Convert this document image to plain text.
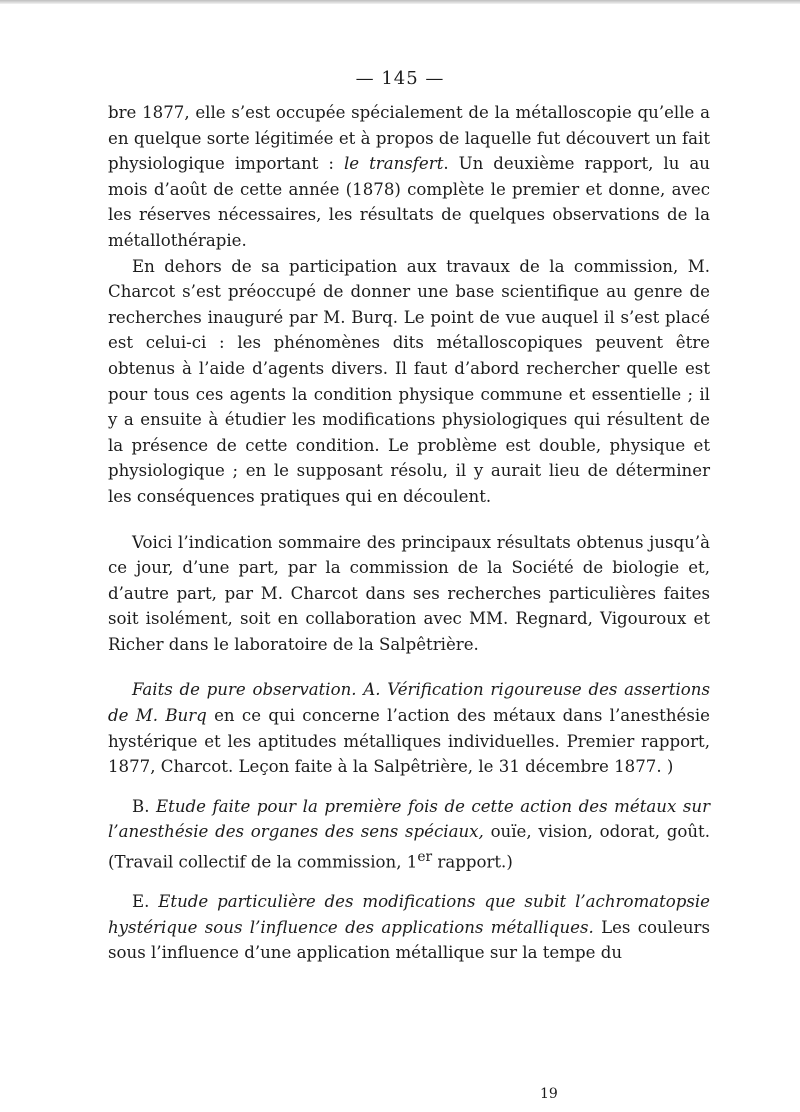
— 145 —

bre 1877, elle s’est occupée spécialement de la métalloscopie qu’elle a en quelque sorte légitimée et à propos de laquelle fut découvert un fait physiologique important : le transfert. Un deuxième rapport, lu au mois d’août de cette année (1878) complète le premier et donne, avec les réserves nécessaires, les résultats de quelques observations de la métallothérapie.

En dehors de sa participation aux travaux de la commission, M. Charcot s’est préoccupé de donner une base scientifique au genre de recherches inauguré par M. Burq. Le point de vue auquel il s’est placé est celui-ci : les phénomènes dits métalloscopiques peuvent être obtenus à l’aide d’agents divers. Il faut d’abord rechercher quelle est pour tous ces agents la condition physique commune et essentielle ; il y a ensuite à étudier les modifications physiologiques qui résultent de la présence de cette condition. Le problème est double, physique et physiologique ; en le supposant résolu, il y aurait lieu de déterminer les conséquences pratiques qui en découlent.

Voici l’indication sommaire des principaux résultats obtenus jusqu’à ce jour, d’une part, par la commission de la Société de biologie et, d’autre part, par M. Charcot dans ses recherches particulières faites soit isolément, soit en collaboration avec MM. Regnard, Vigouroux et Richer dans le laboratoire de la Salpêtrière.

Faits de pure observation. A. Vérification rigoureuse des assertions de M. Burq en ce qui concerne l’action des métaux dans l’anesthésie hystérique et les aptitudes métalliques individuelles. Premier rapport, 1877, Charcot. Leçon faite à la Salpêtrière, le 31 décembre 1877. )

B. Etude faite pour la première fois de cette action des métaux sur l’anesthésie des organes des sens spéciaux, ouïe, vision, odorat, goût. (Travail collectif de la commission, 1er rapport.)

E. Etude particulière des modifications que subit l’achromatopsie hystérique sous l’influence des applications métalliques. Les couleurs sous l’influence d’une application métallique sur la tempe du

19
